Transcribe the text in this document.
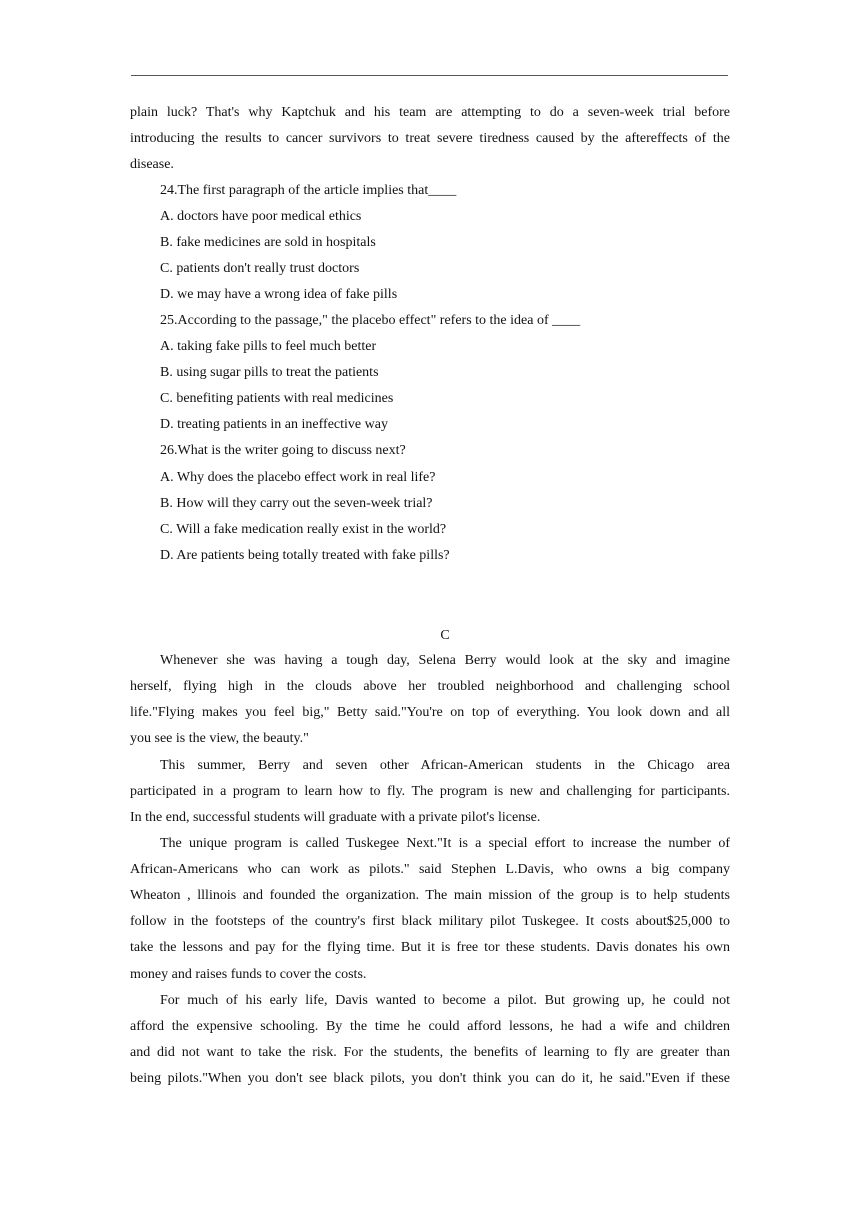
plain luck? That's why Kaptchuk and his team are attempting to do a seven-week trial before
introducing the results to cancer survivors to treat severe tiredness caused by the aftereffects of the
disease.
24.The first paragraph of the article implies that____
A. doctors have poor medical ethics
B. fake medicines are sold in hospitals
C. patients don't really trust doctors
D. we may have a wrong idea of fake pills
25.According to the passage," the placebo effect" refers to the idea of ____
A. taking fake pills to feel much better
B. using sugar pills to treat the patients
C. benefiting patients with real medicines
D. treating patients in an ineffective way
26.What is the writer going to discuss next?
A. Why does the placebo effect work in real life?
B. How will they carry out the seven-week trial?
C. Will a fake medication really exist in the world?
D. Are patients being totally treated with fake pills?
C
Whenever she was having a tough day, Selena Berry would look at the sky and imagine
herself, flying high in the clouds above her troubled neighborhood and challenging school
life."Flying makes you feel big," Betty said."You're on top of everything. You look down and all
you see is the view, the beauty."
This summer, Berry and seven other African-American students in the Chicago area
participated in a program to learn how to fly. The program is new and challenging for participants.
In the end, successful students will graduate with a private pilot's license.
The unique program is called Tuskegee Next."It is a special effort to increase the number of
African-Americans who can work as pilots." said Stephen L.Davis, who owns a big company
Wheaton , lllinois and founded the organization. The main mission of the group is to help students
follow in the footsteps of the country's first black military pilot Tuskegee. It costs about$25,000 to
take the lessons and pay for the flying time. But it is free tor these students. Davis donates his own
money and raises funds to cover the costs.
For much of his early life, Davis wanted to become a pilot. But growing up, he could not
afford the expensive schooling. By the time he could afford lessons, he had a wife and children
and did not want to take the risk. For the students, the benefits of learning to fly are greater than
being pilots."When you don't see black pilots, you don't think you can do it, he said."Even if these
